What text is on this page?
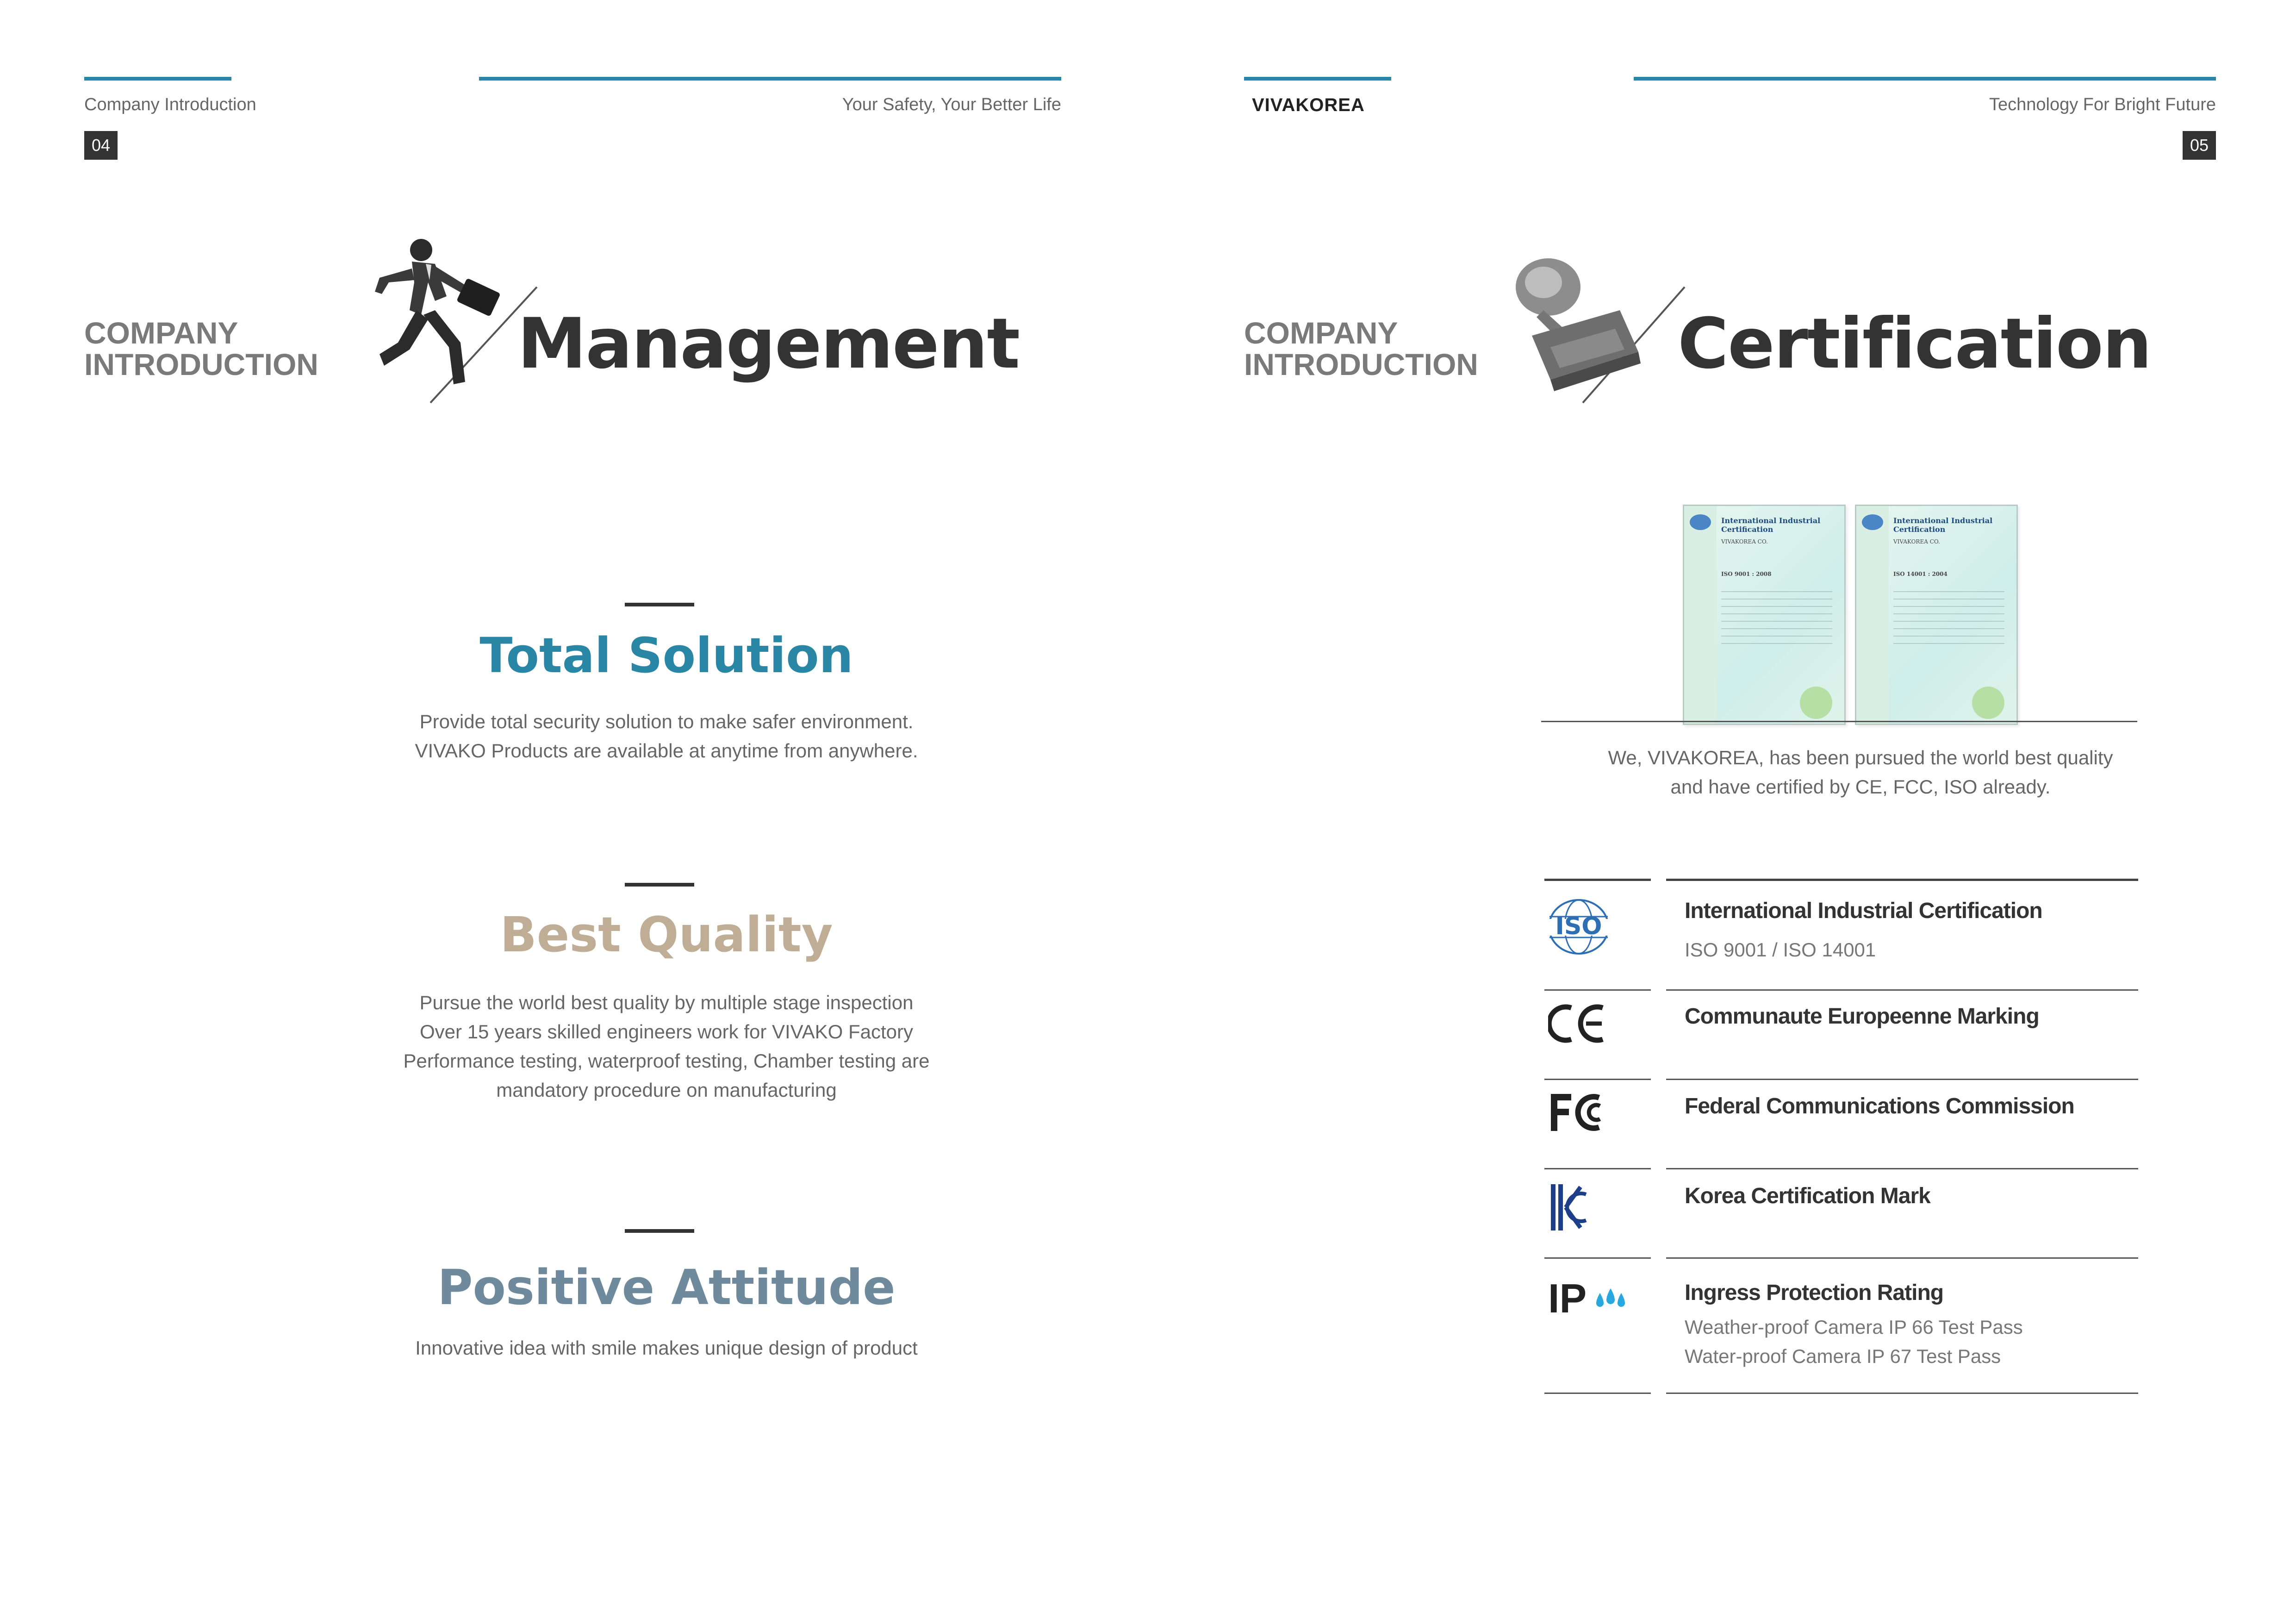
Company Introduction	Your Safety, Your Better Life
04
COMPANY
INTRODUCTION	Management
Total Solution
Provide total security solution to make safer environment.
VIVAKO Products are available at anytime from anywhere.
Best Quality
Pursue the world best quality by multiple stage inspection
Over 15 years skilled engineers work for VIVAKO Factory
Performance testing, waterproof testing, Chamber testing are
mandatory procedure on manufacturing
Positive Attitude
Innovative idea with smile makes unique design of product
VIVAKOREA	Technology For Bright Future
05
COMPANY
INTRODUCTION	Certification
International Industrial Certification
VIVAKOREA CO.
ISO 9001 : 2008
International Industrial Certification
VIVAKOREA CO.
ISO 14001 : 2004
We, VIVAKOREA, has been pursued the world best quality
and have certified by CE, FCC, ISO already.
ISO
International Industrial Certification
ISO 9001 / ISO 14001
Communaute Europeenne Marking
Federal Communications Commission
Korea Certification Mark
IP	Ingress Protection Rating
Weather-proof Camera IP 66 Test Pass
Water-proof Camera IP 67 Test Pass
